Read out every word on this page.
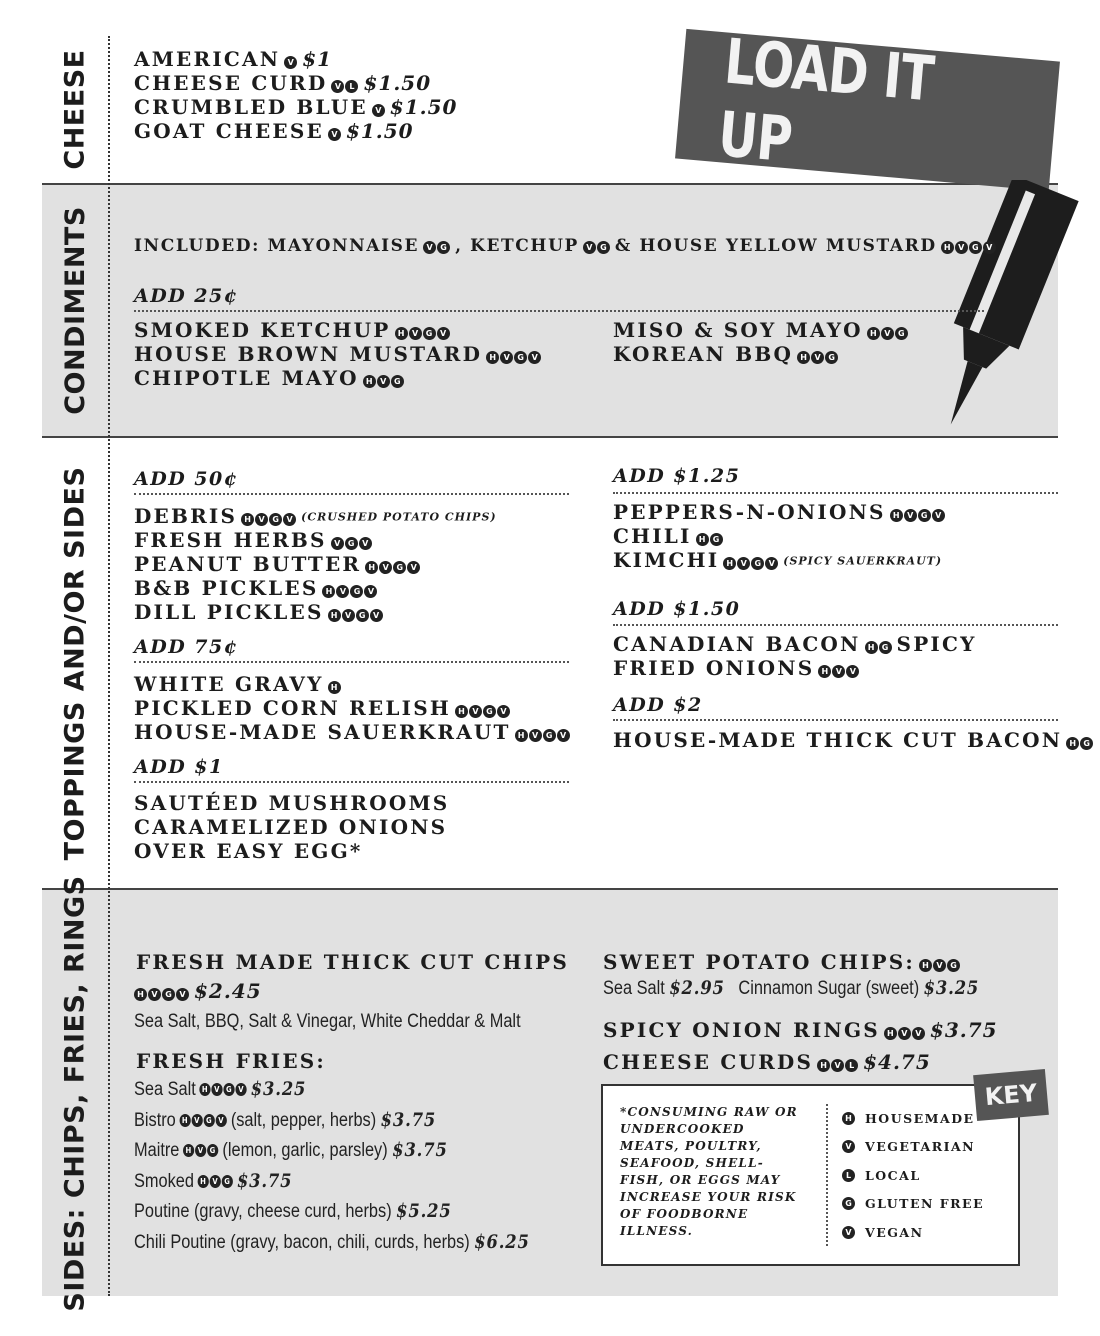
CHEESE
CONDIMENTS
TOPPINGS AND/OR SIDES
SIDES: CHIPS, FRIES, RINGS
LOAD IT UP
AMERICAN V $1
CHEESE CURD V L $1.50
CRUMBLED BLUE V $1.50
GOAT CHEESE V $1.50
INCLUDED: MAYONNAISE V G , KETCHUP V G & HOUSE YELLOW MUSTARD H V G V
ADD 25¢
SMOKED KETCHUP H V G V
HOUSE BROWN MUSTARD H V G V
CHIPOTLE MAYO H V G
MISO & SOY MAYO H V G
KOREAN BBQ H V G
ADD 50¢
DEBRIS H V G V (CRUSHED POTATO CHIPS)
FRESH HERBS V G V
PEANUT BUTTER H V G V
B&B PICKLES H V G V
DILL PICKLES H V G V
ADD 75¢
WHITE GRAVY H
PICKLED CORN RELISH H V G V
HOUSE-MADE SAUERKRAUT H V G V
ADD $1
SAUTÉED MUSHROOMS
CARAMELIZED ONIONS
OVER EASY EGG*
ADD $1.25
PEPPERS-N-ONIONS H V G V
CHILI H G
KIMCHI H V G V (SPICY SAUERKRAUT)
ADD $1.50
CANADIAN BACON H G SPICY
FRIED ONIONS H V V
ADD $2
HOUSE-MADE THICK CUT BACON H G
FRESH MADE THICK CUT CHIPS
H V G V $2.45
Sea Salt, BBQ, Salt & Vinegar, White Cheddar & Malt
FRESH FRIES:
Sea Salt H V G V $3.25
Bistro H V G V (salt, pepper, herbs) $3.75
Maitre H V G (lemon, garlic, parsley) $3.75
Smoked H V G $3.75
Poutine (gravy, cheese curd, herbs) $5.25
Chili Poutine (gravy, bacon, chili, curds, herbs) $6.25
SWEET POTATO CHIPS: H V G
Sea Salt $2.95 Cinnamon Sugar (sweet) $3.25
SPICY ONION RINGS H V V $3.75
CHEESE CURDS H V L $4.75
KEY
*CONSUMING RAW OR UNDERCOOKED MEATS, POULTRY, SEAFOOD, SHELL-FISH, OR EGGS MAY INCREASE YOUR RISK OF FOODBORNE ILLNESS.
H HOUSEMADE
V VEGETARIAN
L	LOCAL
G GLUTEN FREE
V VEGAN
